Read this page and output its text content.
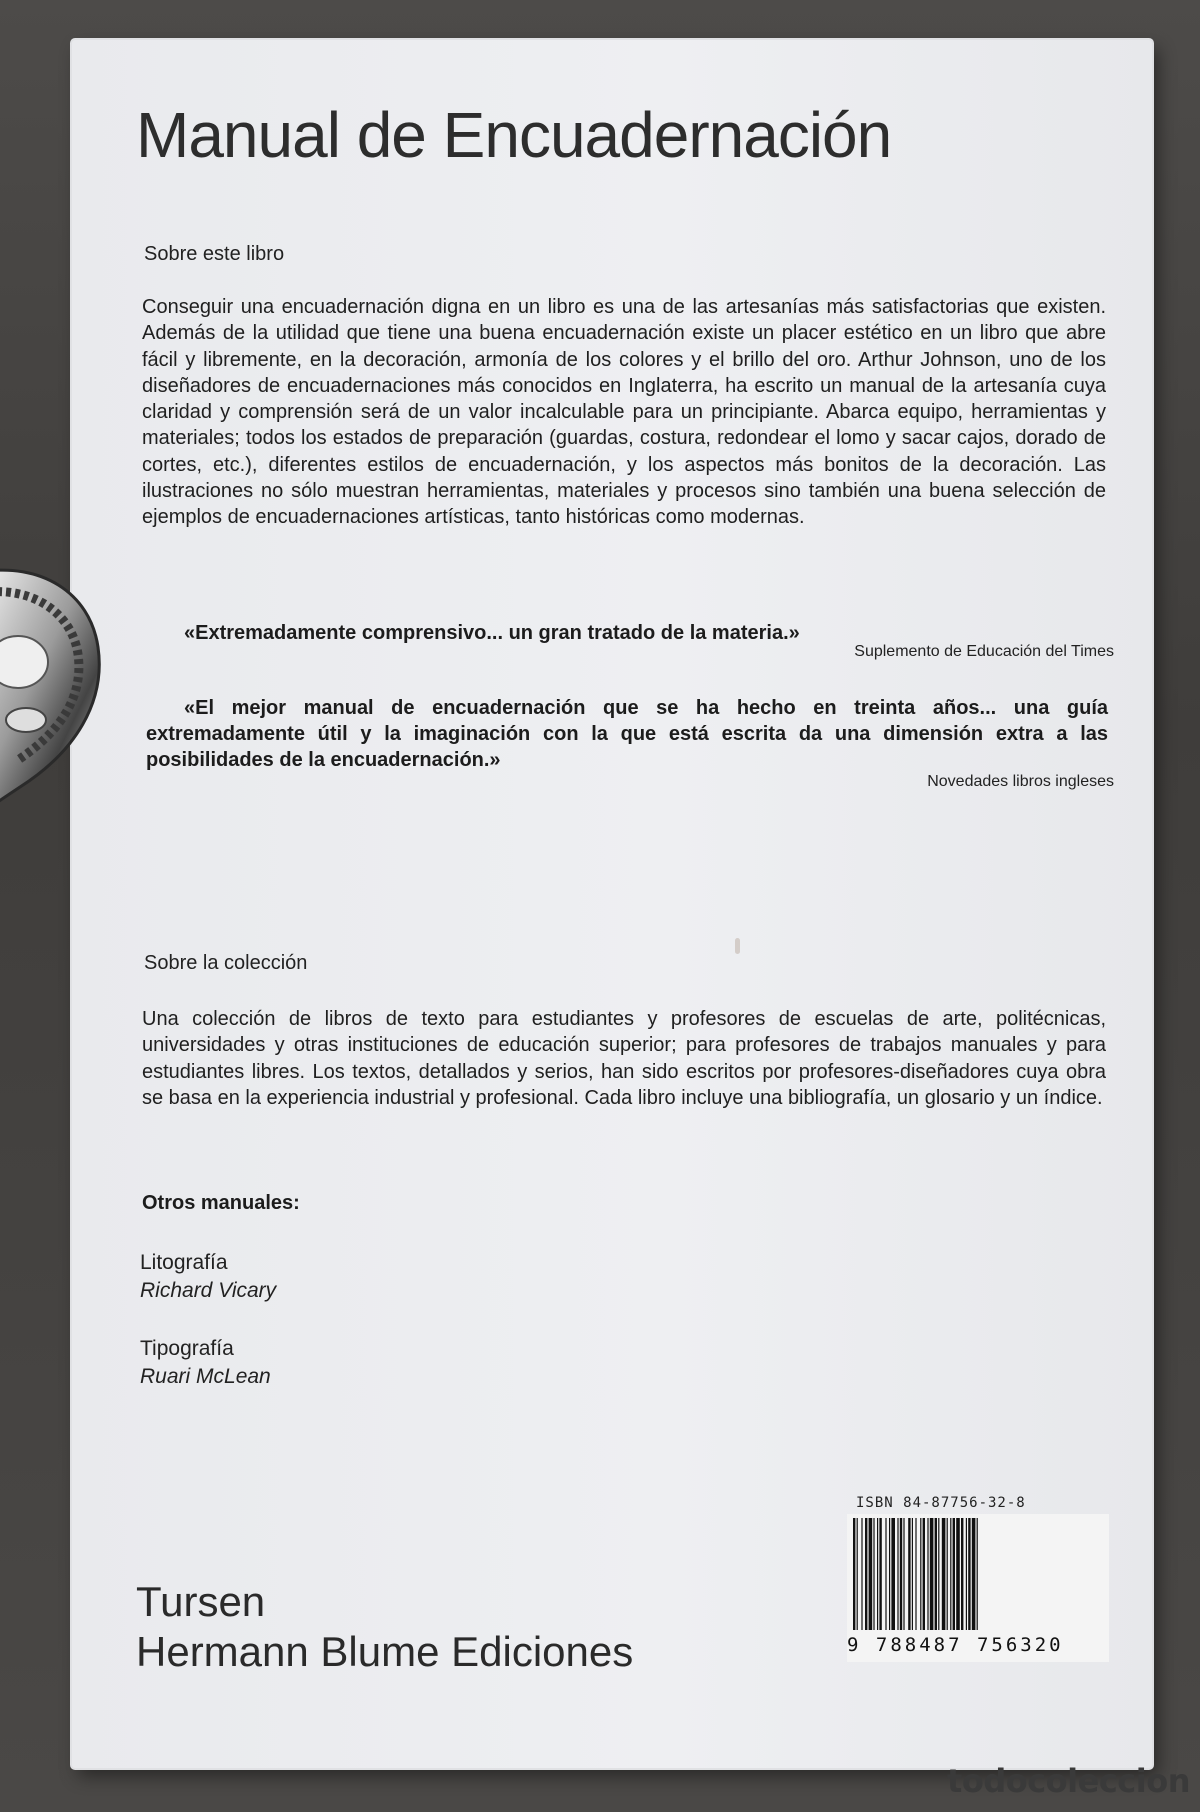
Manual de Encuadernación

Sobre este libro

Conseguir una encuadernación digna en un libro es una de las artesanías más satisfactorias que existen. Además de la utilidad que tiene una buena encuadernación existe un placer estético en un libro que abre fácil y libremente, en la decoración, armonía de los colores y el brillo del oro. Arthur Johnson, uno de los diseñadores de encuadernaciones más conocidos en Inglaterra, ha escrito un manual de la artesanía cuya claridad y comprensión será de un valor incalculable para un principiante. Abarca equipo, herramientas y materiales; todos los estados de preparación (guardas, costura, redondear el lomo y sacar cajos, dorado de cortes, etc.), diferentes estilos de encuadernación, y los aspectos más bonitos de la decoración. Las ilustraciones no sólo muestran herramientas, materiales y procesos sino también una buena selección de ejemplos de encuadernaciones artísticas, tanto históricas como modernas.

«Extremadamente comprensivo... un gran tratado de la materia.»

Suplemento de Educación del Times

«El mejor manual de encuadernación que se ha hecho en treinta años... una guía extremadamente útil y la imaginación con la que está escrita da una dimensión extra a las posibilidades de la encuadernación.»

Novedades libros ingleses

Sobre la colección

Una colección de libros de texto para estudiantes y profesores de escuelas de arte, politécnicas, universidades y otras instituciones de educación superior; para profesores de trabajos manuales y para estudiantes libres. Los textos, detallados y serios, han sido escritos por profesores-diseñadores cuya obra se basa en la experiencia industrial y profesional. Cada libro incluye una bibliografía, un glosario y un índice.

Otros manuales:

Litografía
Richard Vicary

Tipografía
Ruari McLean

ISBN 84-87756-32-8

9 788487 756320

Tursen
Hermann Blume Ediciones

todocoleccion
